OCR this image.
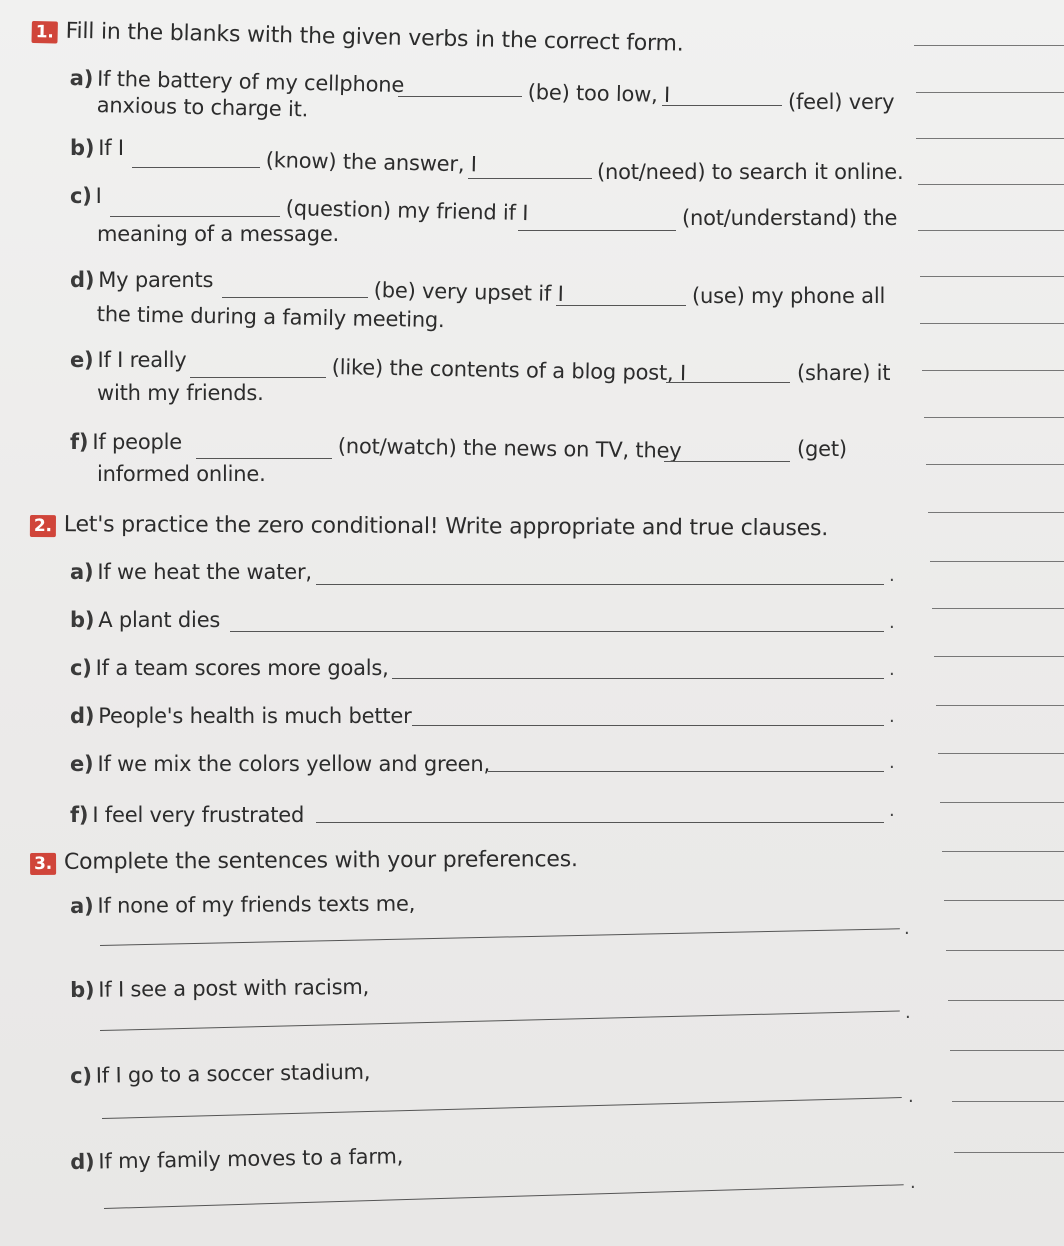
1. Fill in the blanks with the given verbs in the correct form.
a) If the battery of my cellphone	(be) too low, I	(feel) very
anxious to charge it.
b) If I	(know) the answer, I	(not/need) to search it online.
c) I	(question) my friend if I	(not/understand) the
meaning of a message.
d) My parents	(be) very upset if I	(use) my phone all
the time during a family meeting.
e) If I really	(like) the contents of a blog post, I	(share) it
with my friends.
f) If people	(not/watch) the news on TV, they	(get)
informed online.
2. Let's practice the zero conditional! Write appropriate and true clauses.
a) If we heat the water,	.
b) A plant dies	.
c) If a team scores more goals,	.
d) People's health is much better	.
e) If we mix the colors yellow and green,	.
f) I feel very frustrated	.
3. Complete the sentences with your preferences.
a) If none of my friends texts me,
.
b) If I see a post with racism,
.
c) If I go to a soccer stadium,
.
d) If my family moves to a farm,
.
